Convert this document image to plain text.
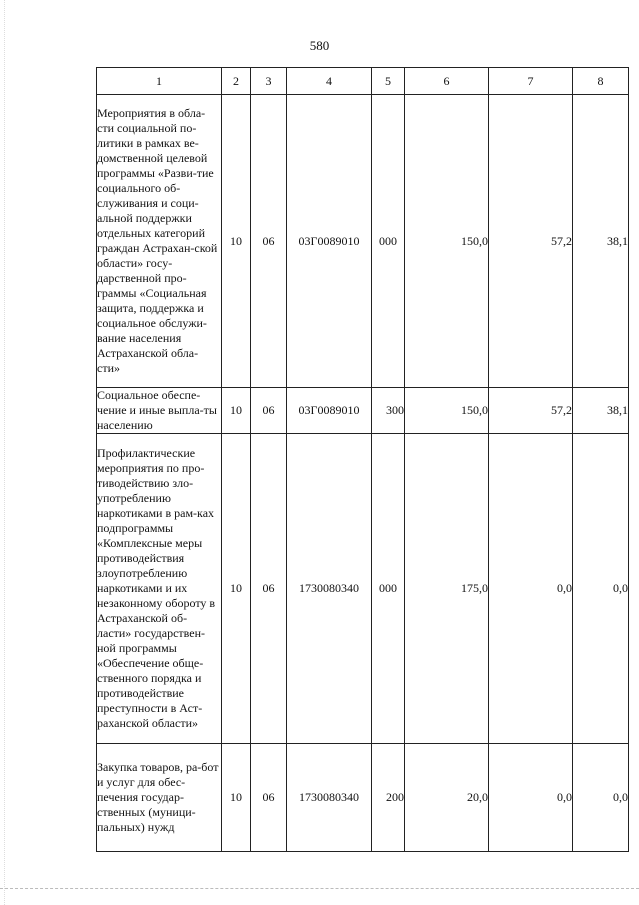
580
1	2	3	4	5	6	7	8
Мероприятия в обла-сти социальной по-литики в рамках ве-домственной целевой программы «Разви-тие социального об-служивания и соци-альной поддержки отдельных категорий граждан Астрахан-ской области» госу-дарственной про-граммы «Социальная защита, поддержка и социальное обслужи-вание населения Астраханской обла-сти»	10	06	03Г0089010	000	150,0	57,2	38,1
Социальное обеспе-чение и иные выпла-ты населению	10	06	03Г0089010	300	150,0	57,2	38,1
Профилактические мероприятия по про-тиводействию зло-употреблению наркотиками в рам-ках подпрограммы «Комплексные меры противодействия злоупотреблению наркотиками и их незаконному обороту в Астраханской об-ласти» государствен-ной программы «Обеспечение обще-ственного порядка и противодействие преступности в Аст-раханской области»	10	06	1730080340	000	175,0	0,0	0,0
Закупка товаров, ра-бот и услуг для обес-печения государ-ственных (муници-пальных) нужд	10	06	1730080340	200	20,0	0,0	0,0
